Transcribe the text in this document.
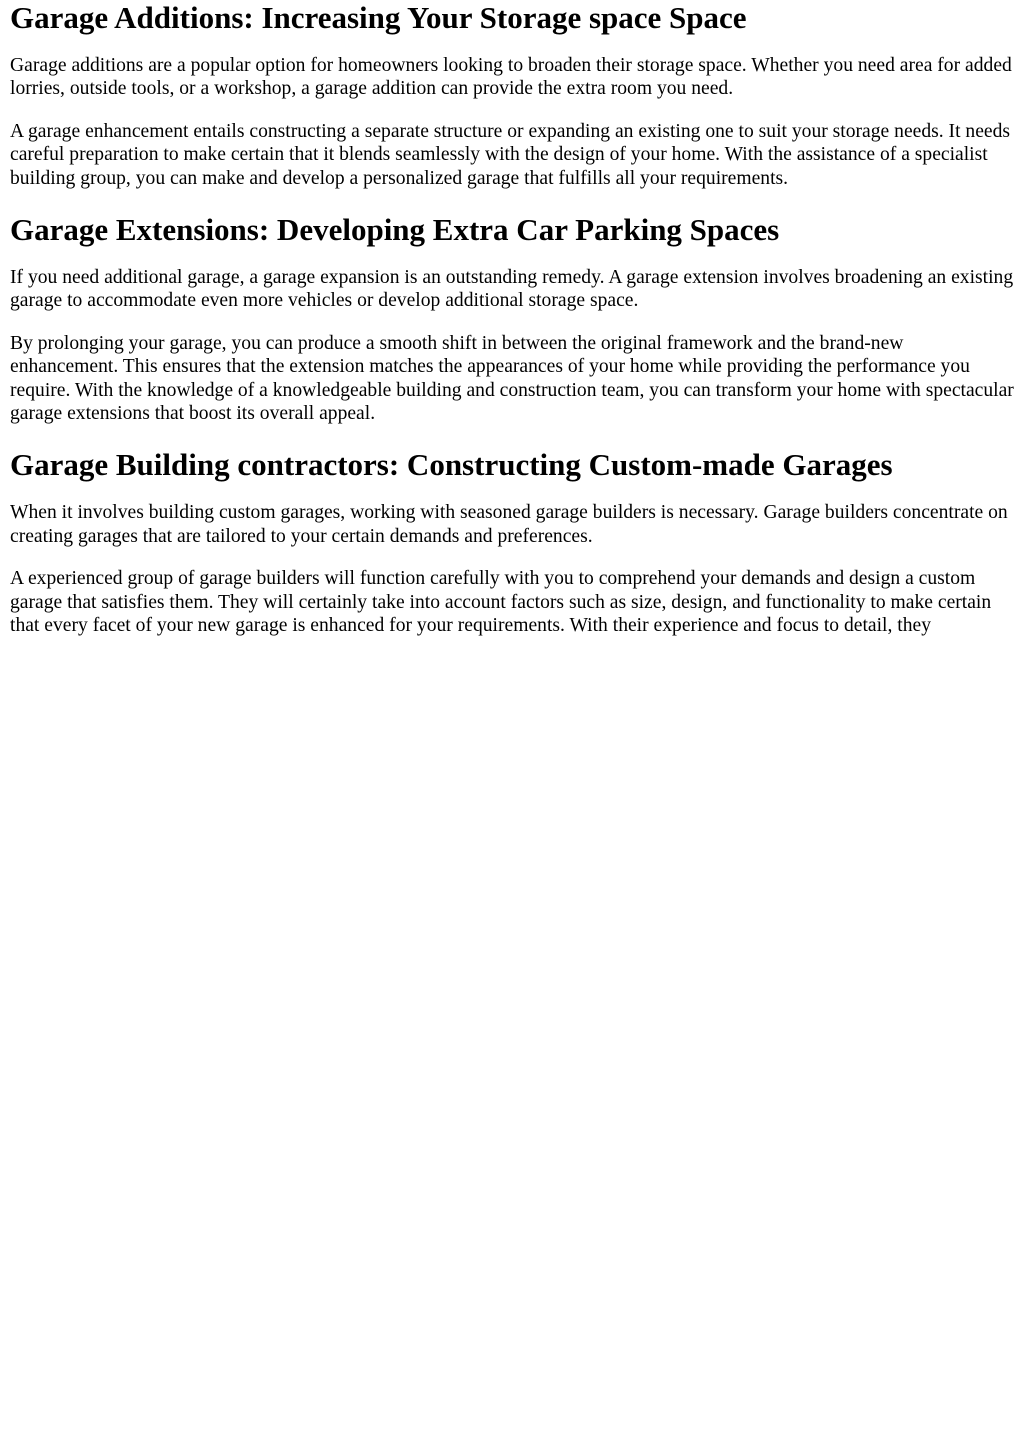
Garage Additions: Increasing Your Storage space Space

Garage additions are a popular option for homeowners looking to broaden their storage space. Whether you need area for added lorries, outside tools, or a workshop, a garage addition can provide the extra room you need.

A garage enhancement entails constructing a separate structure or expanding an existing one to suit your storage needs. It needs careful preparation to make certain that it blends seamlessly with the design of your home. With the assistance of a specialist building group, you can make and develop a personalized garage that fulfills all your requirements.

Garage Extensions: Developing Extra Car Parking Spaces

If you need additional garage, a garage expansion is an outstanding remedy. A garage extension involves broadening an existing garage to accommodate even more vehicles or develop additional storage space.

By prolonging your garage, you can produce a smooth shift in between the original framework and the brand-new enhancement. This ensures that the extension matches the appearances of your home while providing the performance you require. With the knowledge of a knowledgeable building and construction team, you can transform your home with spectacular garage extensions that boost its overall appeal.

Garage Building contractors: Constructing Custom-made Garages

When it involves building custom garages, working with seasoned garage builders is necessary. Garage builders concentrate on creating garages that are tailored to your certain demands and preferences.

A experienced group of garage builders will function carefully with you to comprehend your demands and design a custom garage that satisfies them. They will certainly take into account factors such as size, design, and functionality to make certain that every facet of your new garage is enhanced for your requirements. With their experience and focus to detail, they
